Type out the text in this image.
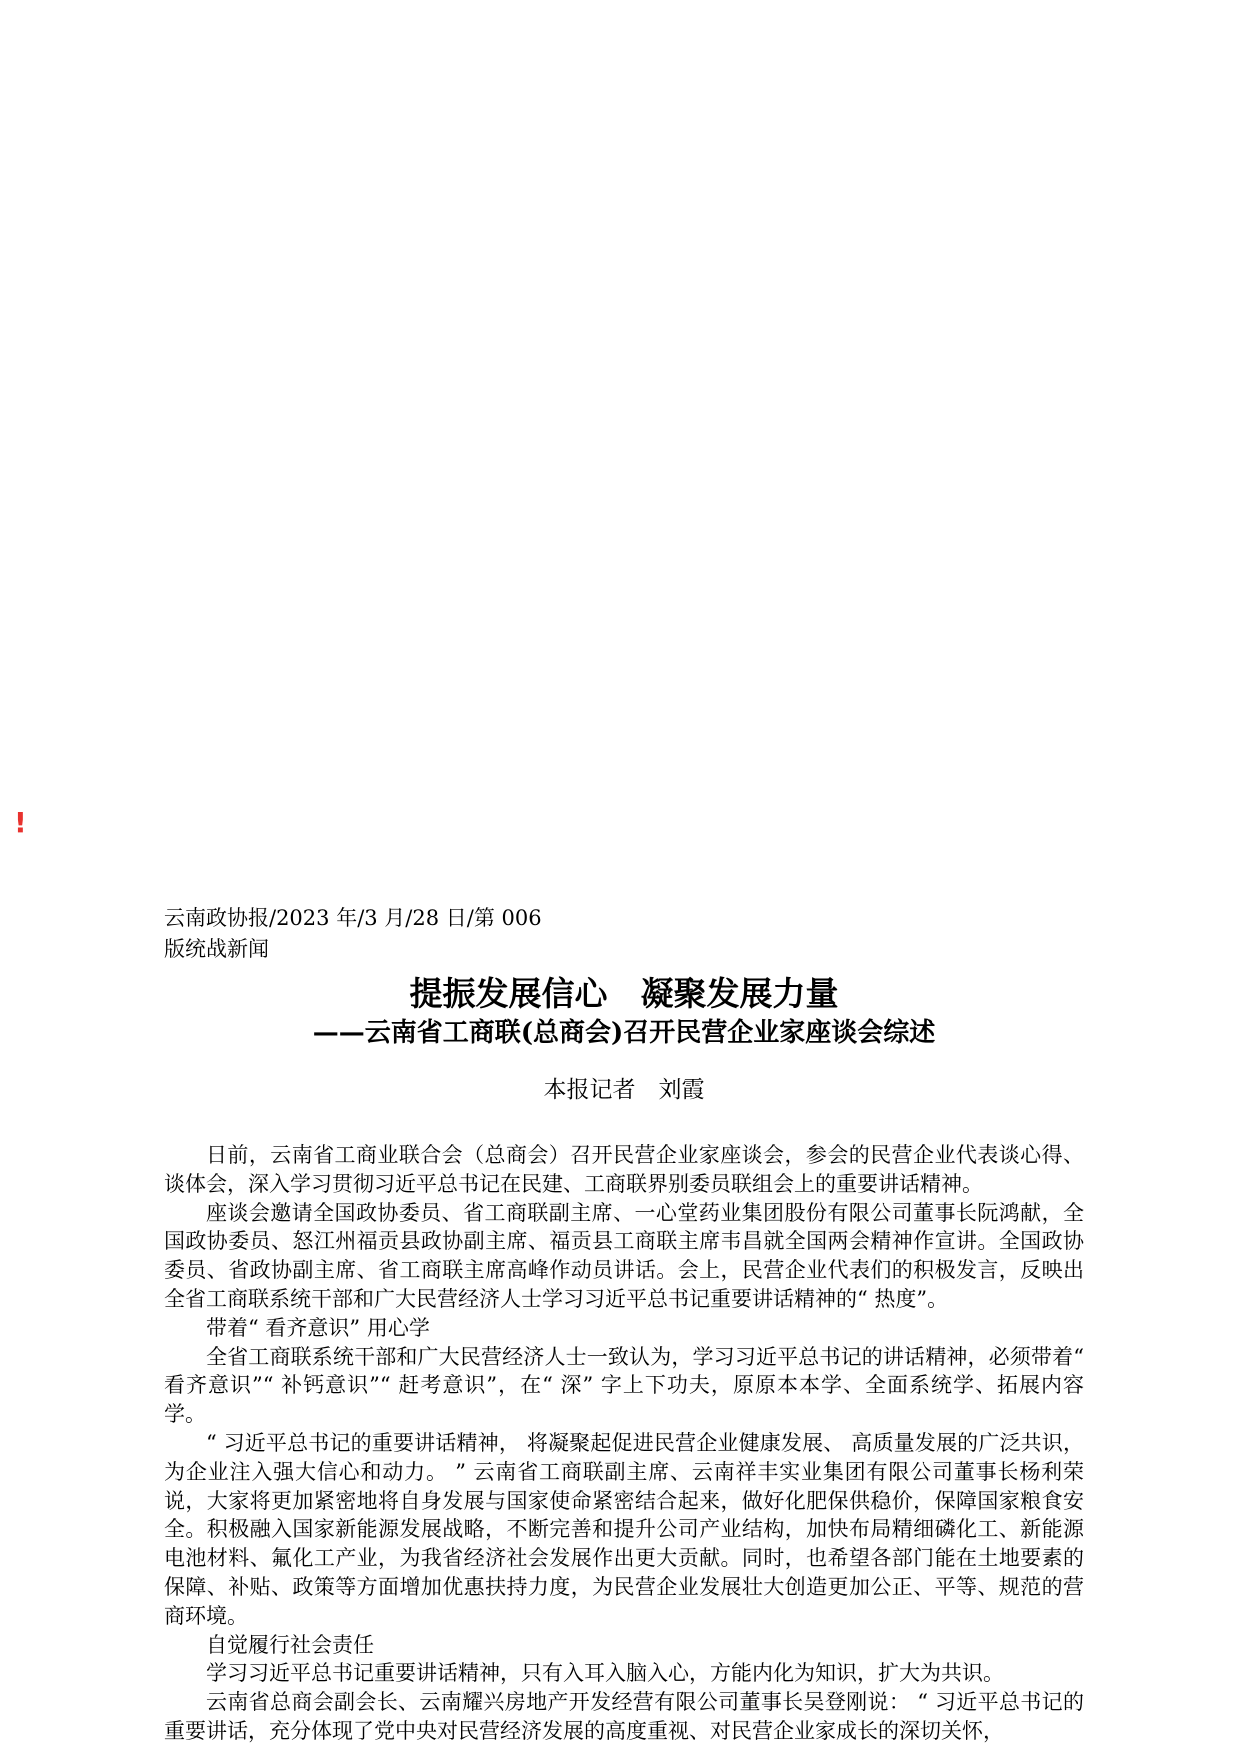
!
云南政协报/2023 年/3 月/28 日/第 006
版统战新闻
提振发展信心　凝聚发展力量
——云南省工商联(总商会)召开民营企业家座谈会综述
本报记者　刘霞

日前，云南省工商业联合会（总商会）召开民营企业家座谈会，参会的民营企业代表谈心得、谈体会，深入学习贯彻习近平总书记在民建、工商联界别委员联组会上的重要讲话精神。

座谈会邀请全国政协委员、省工商联副主席、一心堂药业集团股份有限公司董事长阮鸿献，全国政协委员、怒江州福贡县政协副主席、福贡县工商联主席韦昌就全国两会精神作宣讲。全国政协委员、省政协副主席、省工商联主席高峰作动员讲话。会上，民营企业代表们的积极发言，反映出全省工商联系统干部和广大民营经济人士学习习近平总书记重要讲话精神的“ 热度”。

带着“ 看齐意识” 用心学

全省工商联系统干部和广大民营经济人士一致认为，学习习近平总书记的讲话精神，必须带着“ 看齐意识”“ 补钙意识”“ 赶考意识”，在“ 深” 字上下功夫，原原本本学、全面系统学、拓展内容学。

“ 习近平总书记的重要讲话精神， 将凝聚起促进民营企业健康发展、 高质量发展的广泛共识，为企业注入强大信心和动力。 ” 云南省工商联副主席、云南祥丰实业集团有限公司董事长杨利荣说，大家将更加紧密地将自身发展与国家使命紧密结合起来，做好化肥保供稳价，保障国家粮食安全。积极融入国家新能源发展战略，不断完善和提升公司产业结构，加快布局精细磷化工、新能源电池材料、氟化工产业，为我省经济社会发展作出更大贡献。同时，也希望各部门能在土地要素的保障、补贴、政策等方面增加优惠扶持力度，为民营企业发展壮大创造更加公正、平等、规范的营商环境。

自觉履行社会责任

学习习近平总书记重要讲话精神，只有入耳入脑入心，方能内化为知识，扩大为共识。

云南省总商会副会长、云南耀兴房地产开发经营有限公司董事长吴登刚说： “ 习近平总书记的重要讲话，充分体现了党中央对民营经济发展的高度重视、对民营企业家成长的深切关怀，
